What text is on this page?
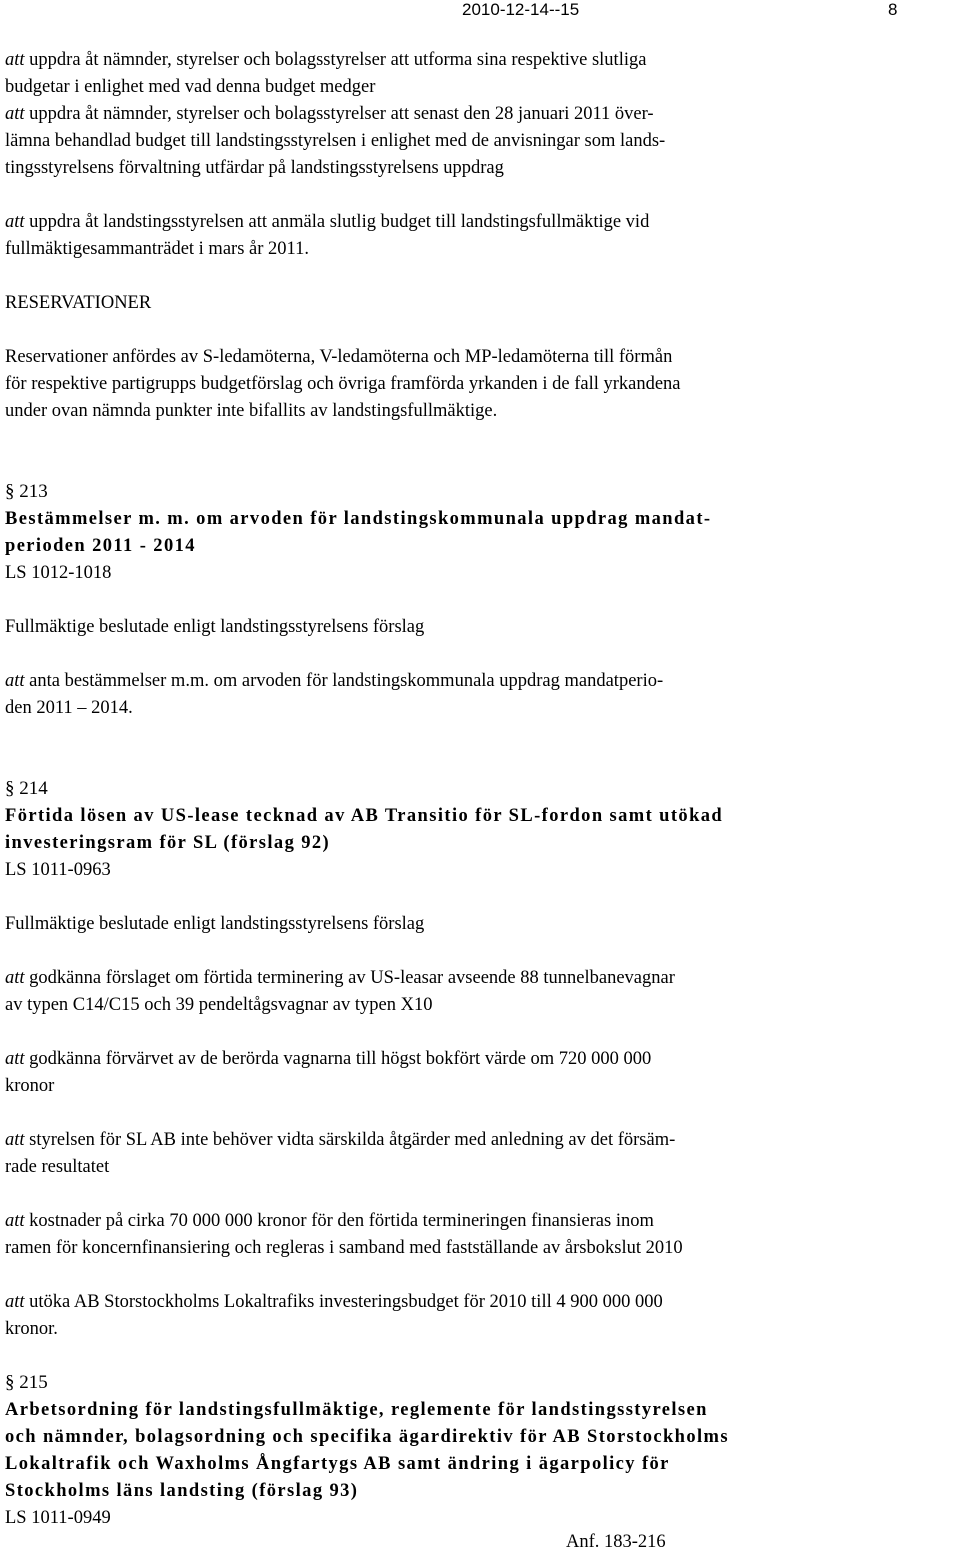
2010-12-14--15	8
att uppdra åt nämnder, styrelser och bolagsstyrelser att utforma sina respektive slutliga
budgetar i enlighet med vad denna budget medger
att uppdra åt nämnder, styrelser och bolagsstyrelser att senast den 28 januari 2011 över-
lämna behandlad budget till landstingsstyrelsen i enlighet med de anvisningar som lands-
tingsstyrelsens förvaltning utfärdar på landstingsstyrelsens uppdrag
att uppdra åt landstingsstyrelsen att anmäla slutlig budget till landstingsfullmäktige vid
fullmäktigesammanträdet i mars år 2011.
RESERVATIONER
Reservationer anfördes av S-ledamöterna, V-ledamöterna och MP-ledamöterna till förmån
för respektive partigrupps budgetförslag och övriga framförda yrkanden i de fall yrkandena
under ovan nämnda punkter inte bifallits av landstingsfullmäktige.
§ 213
Bestämmelser m. m. om arvoden för landstingskommunala uppdrag mandat-
perioden 2011 - 2014
LS 1012-1018
Fullmäktige beslutade enligt landstingsstyrelsens förslag
att anta bestämmelser m.m. om arvoden för landstingskommunala uppdrag mandatperio-
den 2011 – 2014.
§ 214
Förtida lösen av US-lease tecknad av AB Transitio för SL-fordon samt utökad
investeringsram för SL (förslag 92)
LS 1011-0963
Fullmäktige beslutade enligt landstingsstyrelsens förslag
att godkänna förslaget om förtida terminering av US-leasar avseende 88 tunnelbanevagnar
av typen C14/C15 och 39 pendeltågsvagnar av typen X10
att godkänna förvärvet av de berörda vagnarna till högst bokfört värde om 720 000 000
kronor
att styrelsen för SL AB inte behöver vidta särskilda åtgärder med anledning av det försäm-
rade resultatet
att kostnader på cirka 70 000 000 kronor för den förtida termineringen finansieras inom
ramen för koncernfinansiering och regleras i samband med fastställande av årsbokslut 2010
att utöka AB Storstockholms Lokaltrafiks investeringsbudget för 2010 till 4 900 000 000
kronor.
§ 215
Arbetsordning för landstingsfullmäktige, reglemente för landstingsstyrelsen
och nämnder, bolagsordning och specifika ägardirektiv för AB Storstockholms
Lokaltrafik och Waxholms Ångfartygs AB samt ändring i ägarpolicy för
Stockholms läns landsting (förslag 93)
LS 1011-0949
Anf. 183-216
